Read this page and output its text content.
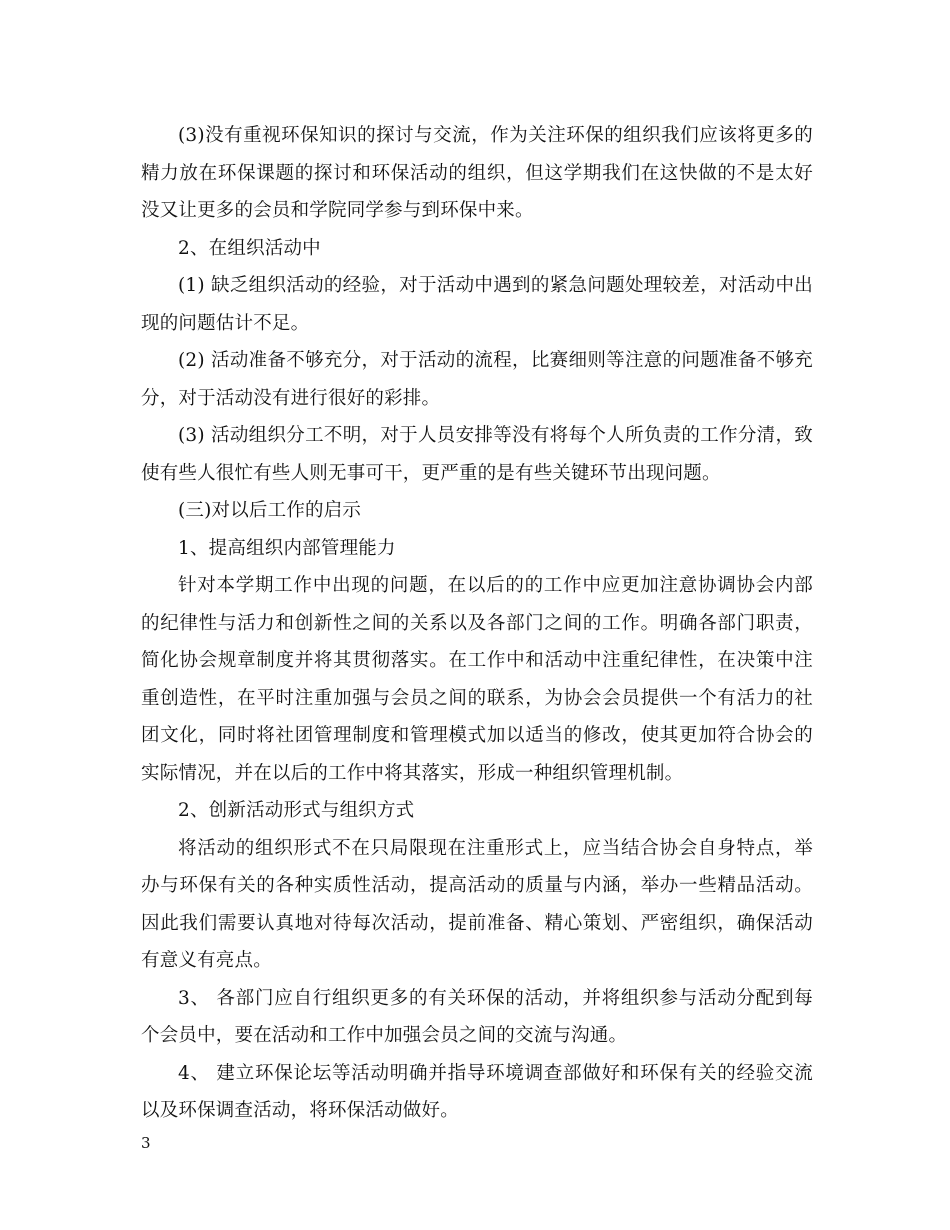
(3)没有重视环保知识的探讨与交流，作为关注环保的组织我们应该将更多的精力放在环保课题的探讨和环保活动的组织，但这学期我们在这快做的不是太好没又让更多的会员和学院同学参与到环保中来。

2、在组织活动中

(1) 缺乏组织活动的经验，对于活动中遇到的紧急问题处理较差，对活动中出现的问题估计不足。

(2) 活动准备不够充分，对于活动的流程，比赛细则等注意的问题准备不够充分，对于活动没有进行很好的彩排。

(3) 活动组织分工不明，对于人员安排等没有将每个人所负责的工作分清，致使有些人很忙有些人则无事可干，更严重的是有些关键环节出现问题。

(三)对以后工作的启示

1、提高组织内部管理能力

针对本学期工作中出现的问题，在以后的的工作中应更加注意协调协会内部的纪律性与活力和创新性之间的关系以及各部门之间的工作。明确各部门职责，简化协会规章制度并将其贯彻落实。在工作中和活动中注重纪律性，在决策中注重创造性，在平时注重加强与会员之间的联系，为协会会员提供一个有活力的社团文化，同时将社团管理制度和管理模式加以适当的修改，使其更加符合协会的实际情况，并在以后的工作中将其落实，形成一种组织管理机制。

2、创新活动形式与组织方式

将活动的组织形式不在只局限现在注重形式上，应当结合协会自身特点，举办与环保有关的各种实质性活动，提高活动的质量与内涵，举办一些精品活动。因此我们需要认真地对待每次活动，提前准备、精心策划、严密组织，确保活动有意义有亮点。

3、 各部门应自行组织更多的有关环保的活动，并将组织参与活动分配到每个会员中，要在活动和工作中加强会员之间的交流与沟通。

4、 建立环保论坛等活动明确并指导环境调查部做好和环保有关的经验交流以及环保调查活动，将环保活动做好。

3
